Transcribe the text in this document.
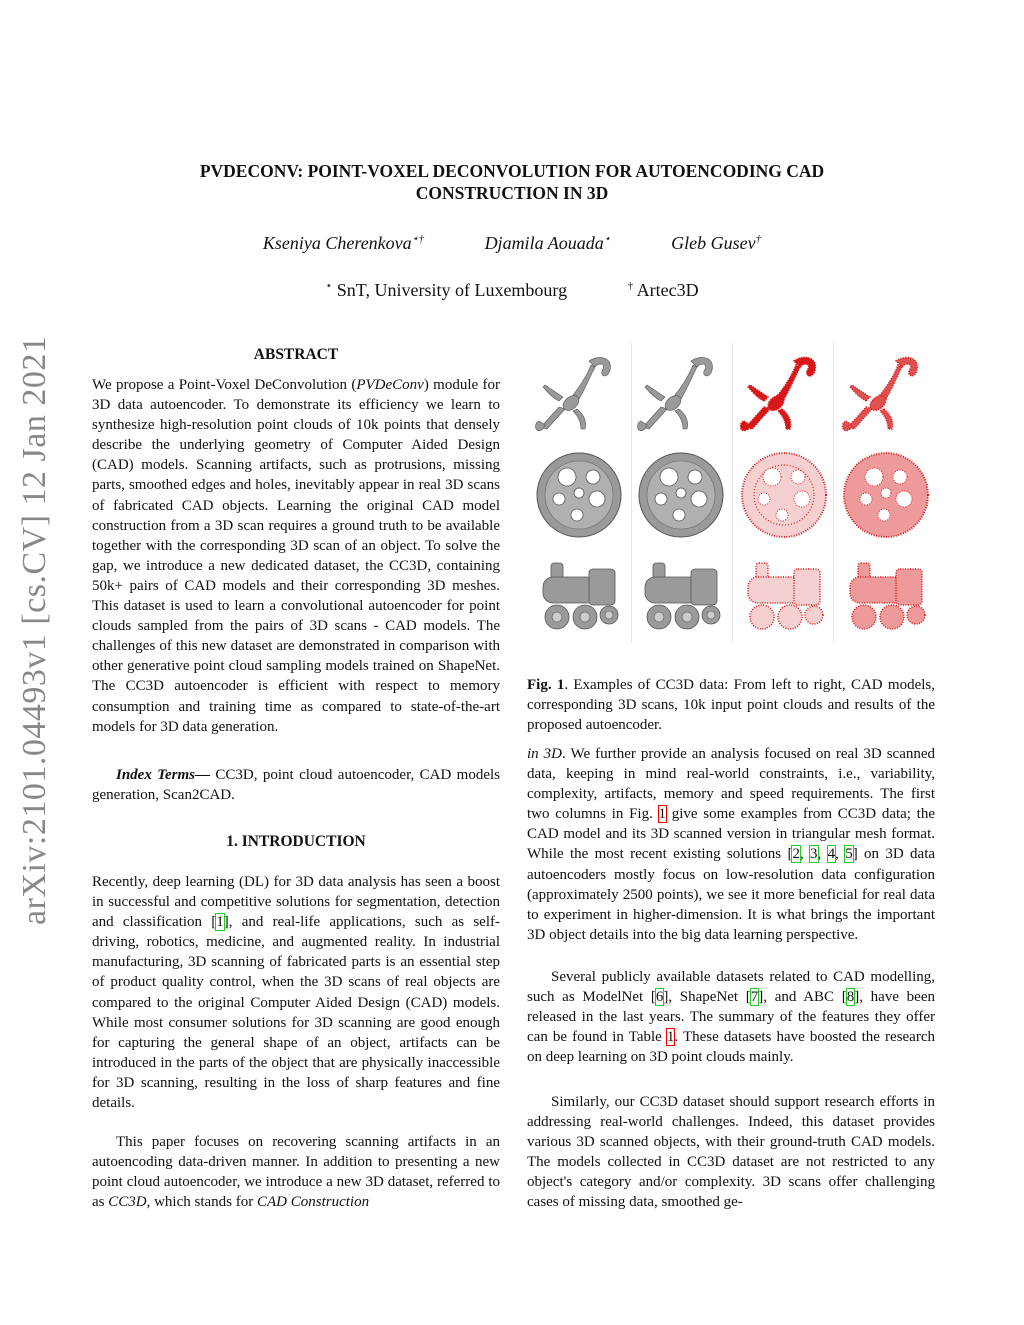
PVDECONV: POINT-VOXEL DECONVOLUTION FOR AUTOENCODING CAD
CONSTRUCTION IN 3D
Kseniya Cherenkova⋆†	Djamila Aouada⋆	Gleb Gusev†
⋆ SnT, University of Luxembourg	† Artec3D
arXiv:2101.04493v1 [cs.CV] 12 Jan 2021	ABSTRACT

We propose a Point-Voxel DeConvolution (PVDeConv) module for 3D data autoencoder. To demonstrate its efficiency we learn to synthesize high-resolution point clouds of 10k points that densely describe the underlying geometry of Computer Aided Design (CAD) models. Scanning artifacts, such as protrusions, missing parts, smoothed edges and holes, inevitably appear in real 3D scans of fabricated CAD objects. Learning the original CAD model construction from a 3D scan requires a ground truth to be available together with the corresponding 3D scan of an object. To solve the gap, we introduce a new dedicated dataset, the CC3D, containing 50k+ pairs of CAD models and their corresponding 3D meshes. This dataset is used to learn a convolutional autoencoder for point clouds sampled from the pairs of 3D scans - CAD models. The challenges of this new dataset are demonstrated in comparison with other generative point cloud sampling models trained on ShapeNet. The CC3D autoencoder is efficient with respect to memory consumption and training time as compared to state-of-the-art models for 3D data generation.

Index Terms— CC3D, point cloud autoencoder, CAD models generation, Scan2CAD.

1. INTRODUCTION

Recently, deep learning (DL) for 3D data analysis has seen a boost in successful and competitive solutions for segmentation, detection and classification [1], and real-life applications, such as self-driving, robotics, medicine, and augmented reality. In industrial manufacturing, 3D scanning of fabricated parts is an essential step of product quality control, when the 3D scans of real objects are compared to the original Computer Aided Design (CAD) models. While most consumer solutions for 3D scanning are good enough for capturing the general shape of an object, artifacts can be introduced in the parts of the object that are physically inaccessible for 3D scanning, resulting in the loss of sharp features and fine details.

This paper focuses on recovering scanning artifacts in an autoencoding data-driven manner. In addition to presenting a new point cloud autoencoder, we introduce a new 3D dataset, referred to as CC3D, which stands for CAD Construction

Fig. 1. Examples of CC3D data: From left to right, CAD models, corresponding 3D scans, 10k input point clouds and results of the proposed autoencoder.

in 3D. We further provide an analysis focused on real 3D scanned data, keeping in mind real-world constraints, i.e., variability, complexity, artifacts, memory and speed requirements. The first two columns in Fig. 1 give some examples from CC3D data; the CAD model and its 3D scanned version in triangular mesh format. While the most recent existing solutions [2, 3, 4, 5] on 3D data autoencoders mostly focus on low-resolution data configuration (approximately 2500 points), we see it more beneficial for real data to experiment in higher-dimension. It is what brings the important 3D object details into the big data learning perspective.

Several publicly available datasets related to CAD modelling, such as ModelNet [6], ShapeNet [7], and ABC [8], have been released in the last years. The summary of the features they offer can be found in Table 1. These datasets have boosted the research on deep learning on 3D point clouds mainly.

Similarly, our CC3D dataset should support research efforts in addressing real-world challenges. Indeed, this dataset provides various 3D scanned objects, with their ground-truth CAD models. The models collected in CC3D dataset are not restricted to any object's category and/or complexity. 3D scans offer challenging cases of missing data, smoothed ge-
